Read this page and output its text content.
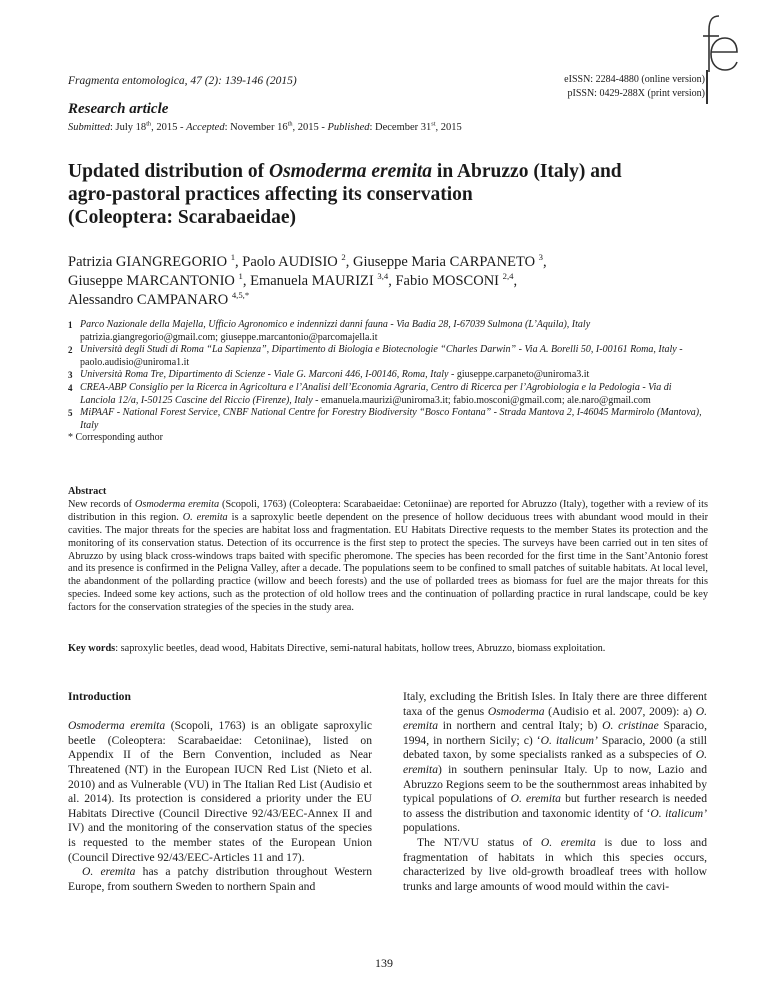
Fragmenta entomologica, 47 (2): 139-146 (2015)	eISSN: 2284-4880 (online version)
pISSN: 0429-288X (print version)
Research article
Submitted: July 18th, 2015 - Accepted: November 16th, 2015 - Published: December 31st, 2015
Updated distribution of Osmoderma eremita in Abruzzo (Italy) and
agro-pastoral practices affecting its conservation
(Coleoptera: Scarabaeidae)
Patrizia GIANGREGORIO $^1$, Paolo AUDISIO $^2$, Giuseppe Maria CARPANETO $^3$,
Giuseppe MARCANTONIO $^1$, Emanuela MAURIZI $^{3,4}$, Fabio MOSCONI $^{2,4}$,
Alessandro CAMPANARO $^{4,5,*}$
1 Parco Nazionale della Majella, Ufficio Agronomico e indennizzi danni fauna - Via Badia 28, I-67039 Sulmona (L’Aquila), Italy
patrizia.giangregorio@gmail.com; giuseppe.marcantonio@parcomajella.it
2 Università degli Studi di Roma “La Sapienza”, Dipartimento di Biologia e Biotecnologie “Charles Darwin” - Via A. Borelli 50, I-00161 Roma, Italy - paolo.audisio@uniroma1.it
3 Università Roma Tre, Dipartimento di Scienze - Viale G. Marconi 446, I-00146, Roma, Italy - giuseppe.carpaneto@uniroma3.it
4 CREA-ABP Consiglio per la Ricerca in Agricoltura e l’Analisi dell’Economia Agraria, Centro di Ricerca per l’Agrobiologia e la Pedologia - Via di Lanciola 12/a, I-50125 Cascine del Riccio (Firenze), Italy - emanuela.maurizi@uniroma3.it; fabio.mosconi@gmail.com; ale.naro@gmail.com
5 MiPAAF - National Forest Service, CNBF National Centre for Forestry Biodiversity “Bosco Fontana” - Strada Mantova 2, I-46045 Marmirolo (Mantova), Italy
* Corresponding author
Abstract
New records of Osmoderma eremita (Scopoli, 1763) (Coleoptera: Scarabaeidae: Cetoniinae) are reported for Abruzzo (Italy), together with a review of its distribution in this region. O. eremita is a saproxylic beetle dependent on the presence of hollow deciduous trees with abundant wood mould in their cavities. The major threats for the species are habitat loss and fragmentation. EU Habitats Directive requests to the member States its protection and the monitoring of its conservation status. Detection of its occurrence is the first step to protect the species. The surveys have been carried out in ten sites of Abruzzo by using black cross-windows traps baited with specific pheromone. The species has been recorded for the first time in the Sant’Antonio forest and its presence is confirmed in the Peligna Valley, after a decade. The populations seem to be confined to small patches of suitable habitats. At local level, the abandonment of the pollarding practice (willow and beech forests) and the use of pollarded trees as biomass for fuel are the major threats for this species. Indeed some key actions, such as the protection of old hollow trees and the continuation of pollarding practice in rural landscape, could be key factors for the conservation strategies of the species in the study area.
Key words: saproxylic beetles, dead wood, Habitats Directive, semi-natural habitats, hollow trees, Abruzzo, biomass exploitation.

Introduction

Osmoderma eremita (Scopoli, 1763) is an obligate saproxylic beetle (Coleoptera: Scarabaeidae: Cetoniinae), listed on Appendix II of the Bern Convention, included as Near Threatened (NT) in the European IUCN Red List (Nieto et al. 2010) and as Vulnerable (VU) in The Italian Red List (Audisio et al. 2014). Its protection is considered a priority under the EU Habitats Directive (Council Directive 92/43/EEC-Annex II and IV) and the monitoring of the conservation status of the species is requested to the member states of the European Union (Council Directive 92/43/EEC-Articles 11 and 17).

O. eremita has a patchy distribution throughout Western Europe, from southern Sweden to northern Spain and

Italy, excluding the British Isles. In Italy there are three different taxa of the genus Osmoderma (Audisio et al. 2007, 2009): a) O. eremita in northern and central Italy; b) O. cristinae Sparacio, 1994, in northern Sicily; c) ‘O. italicum’ Sparacio, 2000 (a still debated taxon, by some specialists ranked as a subspecies of O. eremita) in southern peninsular Italy. Up to now, Lazio and Abruzzo Regions seem to be the southernmost areas inhabited by typical populations of O. eremita but further research is needed to assess the distribution and taxonomic identity of ‘O. italicum’ populations.

The NT/VU status of O. eremita is due to loss and fragmentation of habitats in which this species occurs, characterized by live old-growth broadleaf trees with hollow trunks and large amounts of wood mould within the cavi-

139
